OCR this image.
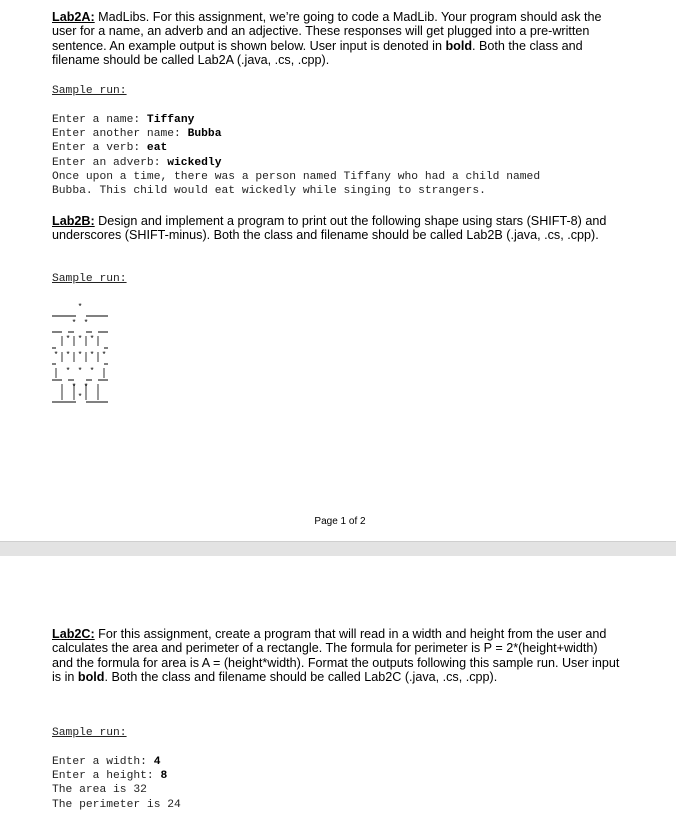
Lab2A: MadLibs. For this assignment, we’re going to code a MadLib. Your program should ask the user for a name, an adverb and an adjective. These responses will get plugged into a pre-written sentence. An example output is shown below. User input is denoted in bold. Both the class and filename should be called Lab2A (.java, .cs, .cpp).

Sample run:
Enter a name: Tiffany
Enter another name: Bubba
Enter a verb: eat
Enter an adverb: wickedly
Once upon a time, there was a person named Tiffany who had a child named
Bubba. This child would eat wickedly while singing to strangers.

Lab2B: Design and implement a program to print out the following shape using stars (SHIFT-8) and underscores (SHIFT-minus). Both the class and filename should be called Lab2B (.java, .cs, .cpp).

Sample run:
*
* *
* * *
* * * * *
* * *
* *
*
Page 1 of 2

Lab2C: For this assignment, create a program that will read in a width and height from the user and calculates the area and perimeter of a rectangle. The formula for perimeter is P = 2*(height+width) and the formula for area is A = (height*width). Format the outputs following this sample run. User input is in bold. Both the class and filename should be called Lab2C (.java, .cs, .cpp).

Sample run:
Enter a width: 4
Enter a height: 8
The area is 32
The perimeter is 24
